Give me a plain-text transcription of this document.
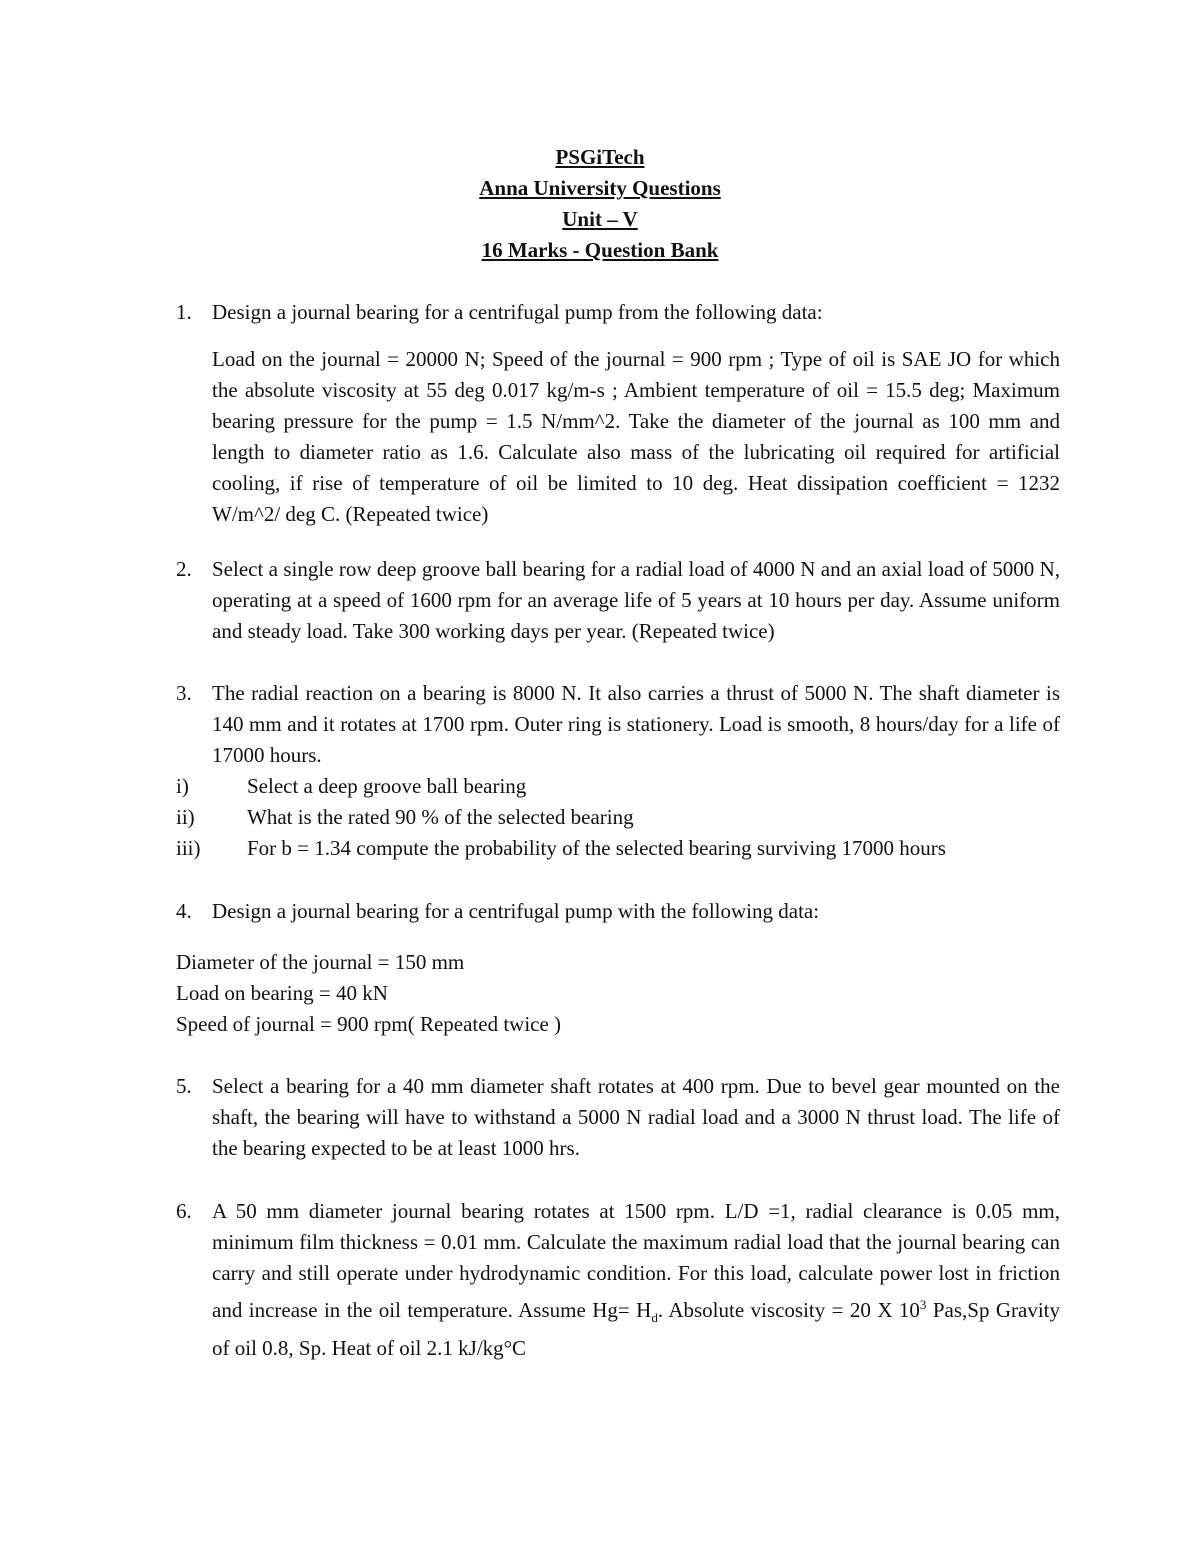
PSGiTech
Anna University Questions
Unit – V
16 Marks - Question Bank
1. Design a journal bearing for a centrifugal pump from the following data:
Load on the journal = 20000 N; Speed of the journal = 900 rpm ; Type of oil is SAE JO for which the absolute viscosity at 55 deg 0.017 kg/m-s ; Ambient temperature of oil = 15.5 deg; Maximum bearing pressure for the pump = 1.5 N/mm^2. Take the diameter of the journal as 100 mm and length to diameter ratio as 1.6. Calculate also mass of the lubricating oil required for artificial cooling, if rise of temperature of oil be limited to 10 deg. Heat dissipation coefficient = 1232 W/m^2/ deg C. (Repeated twice)
2. Select a single row deep groove ball bearing for a radial load of 4000 N and an axial load of 5000 N, operating at a speed of 1600 rpm for an average life of 5 years at 10 hours per day. Assume uniform and steady load. Take 300 working days per year. (Repeated twice)
3. The radial reaction on a bearing is 8000 N. It also carries a thrust of 5000 N. The shaft diameter is 140 mm and it rotates at 1700 rpm. Outer ring is stationery. Load is smooth, 8 hours/day for a life of 17000 hours.
i)	Select a deep groove ball bearing
ii)	What is the rated 90 % of the selected bearing
iii)	For b = 1.34 compute the probability of the selected bearing surviving 17000 hours
4. Design a journal bearing for a centrifugal pump with the following data:
Diameter of the journal = 150 mm
Load on bearing = 40 kN
Speed of journal = 900 rpm( Repeated twice )
5. Select a bearing for a 40 mm diameter shaft rotates at 400 rpm. Due to bevel gear mounted on the shaft, the bearing will have to withstand a 5000 N radial load and a 3000 N thrust load. The life of the bearing expected to be at least 1000 hrs.
6. A 50 mm diameter journal bearing rotates at 1500 rpm. L/D =1, radial clearance is 0.05 mm, minimum film thickness = 0.01 mm. Calculate the maximum radial load that the journal bearing can carry and still operate under hydrodynamic condition. For this load, calculate power lost in friction and increase in the oil temperature. Assume $Hg= H_d$. Absolute viscosity = 20 X $10^3$ Pas,Sp Gravity of oil 0.8, Sp. Heat of oil 2.1 kJ/kg°C
